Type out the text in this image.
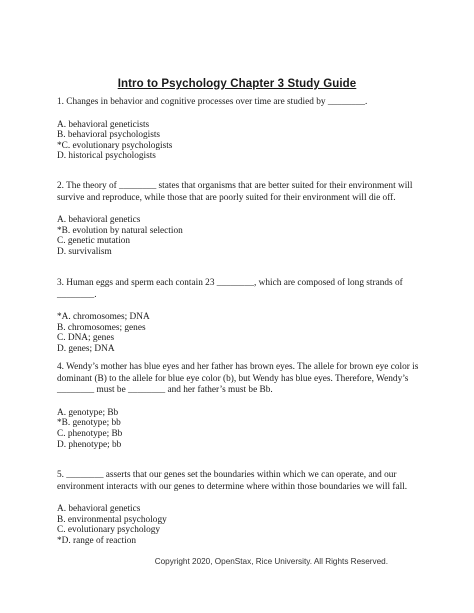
Intro to Psychology Chapter 3 Study Guide

1. Changes in behavior and cognitive processes over time are studied by ________.

A. behavioral geneticists

B. behavioral psychologists

*C. evolutionary psychologists

D. historical psychologists

2. The theory of ________ states that organisms that are better suited for their environment will survive and reproduce, while those that are poorly suited for their environment will die off.

A. behavioral genetics

*B. evolution by natural selection

C. genetic mutation

D. survivalism

3. Human eggs and sperm each contain 23 ________, which are composed of long strands of ________.

*A. chromosomes; DNA

B. chromosomes; genes

C. DNA; genes

D. genes; DNA

4. Wendy’s mother has blue eyes and her father has brown eyes. The allele for brown eye color is dominant (B) to the allele for blue eye color (b), but Wendy has blue eyes. Therefore, Wendy’s ________ must be ________ and her father’s must be Bb.

A. genotype; Bb

*B. genotype; bb

C. phenotype; Bb

D. phenotype; bb

5. ________ asserts that our genes set the boundaries within which we can operate, and our environment interacts with our genes to determine where within those boundaries we will fall.

A. behavioral genetics

B. environmental psychology

C. evolutionary psychology

*D. range of reaction

Copyright 2020, OpenStax, Rice University. All Rights Reserved.
